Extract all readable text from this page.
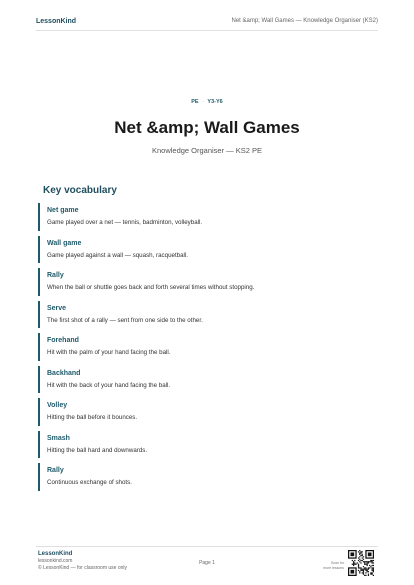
LessonKind	Net &amp; Wall Games — Knowledge Organiser (KS2)
PE · Y3-Y6
Net &amp; Wall Games
Knowledge Organiser — KS2 PE
Key vocabulary
Net game
Game played over a net — tennis, badminton, volleyball.
Wall game
Game played against a wall — squash, racquetball.
Rally
When the ball or shuttle goes back and forth several times without stopping.
Serve
The first shot of a rally — sent from one side to the other.
Forehand
Hit with the palm of your hand facing the ball.
Backhand
Hit with the back of your hand facing the ball.
Volley
Hitting the ball before it bounces.
Smash
Hitting the ball hard and downwards.
Rally
Continuous exchange of shots.
LessonKind
lessonkind.com
© LessonKind — for classroom use only
Page 1	Scan for
more lessons
